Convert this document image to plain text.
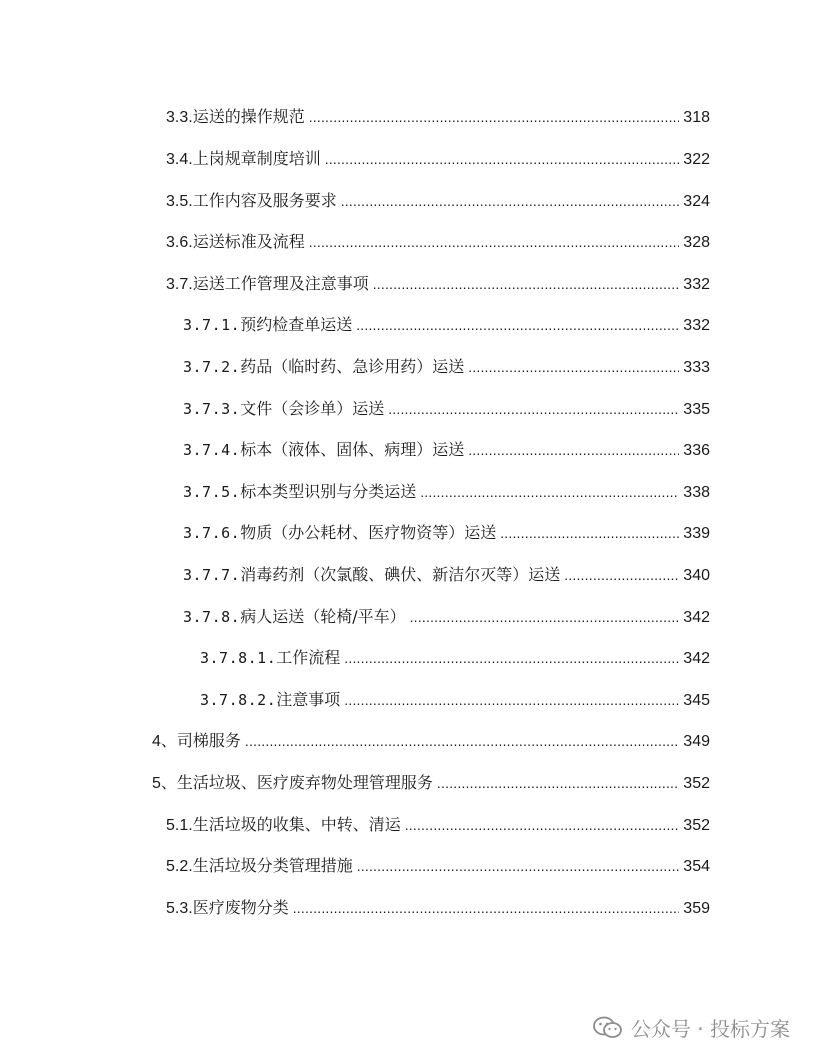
3.3. 运送的操作规范 .....	318
3.4. 上岗规章制度培训 .....	322
3.5. 工作内容及服务要求 .....	324
3.6. 运送标准及流程 .....	328
3.7. 运送工作管理及注意事项 .....	332
3.7.1. 预约检查单运送 .....	332
3.7.2. 药品（临时药、急诊用药）运送 .....	333
3.7.3. 文件（会诊单）运送 .....	335
3.7.4. 标本（液体、固体、病理）运送 .....	336
3.7.5. 标本类型识别与分类运送 .....	338
3.7.6. 物质（办公耗材、医疗物资等）运送 .....	339
3.7.7. 消毒药剂（次氯酸、碘伏、新洁尔灭等）运送 .....	340
3.7.8. 病人运送（轮椅/平车） .....	342
3.7.8.1. 工作流程 .....	342
3.7.8.2. 注意事项 .....	345
4、 司梯服务 .....	349
5、 生活垃圾、医疗废弃物处理管理服务 .....	352
5.1. 生活垃圾的收集、中转、清运 .....	352
5.2. 生活垃圾分类管理措施 .....	354
5.3. 医疗废物分类 .....	359
公众号 · 投标方案
